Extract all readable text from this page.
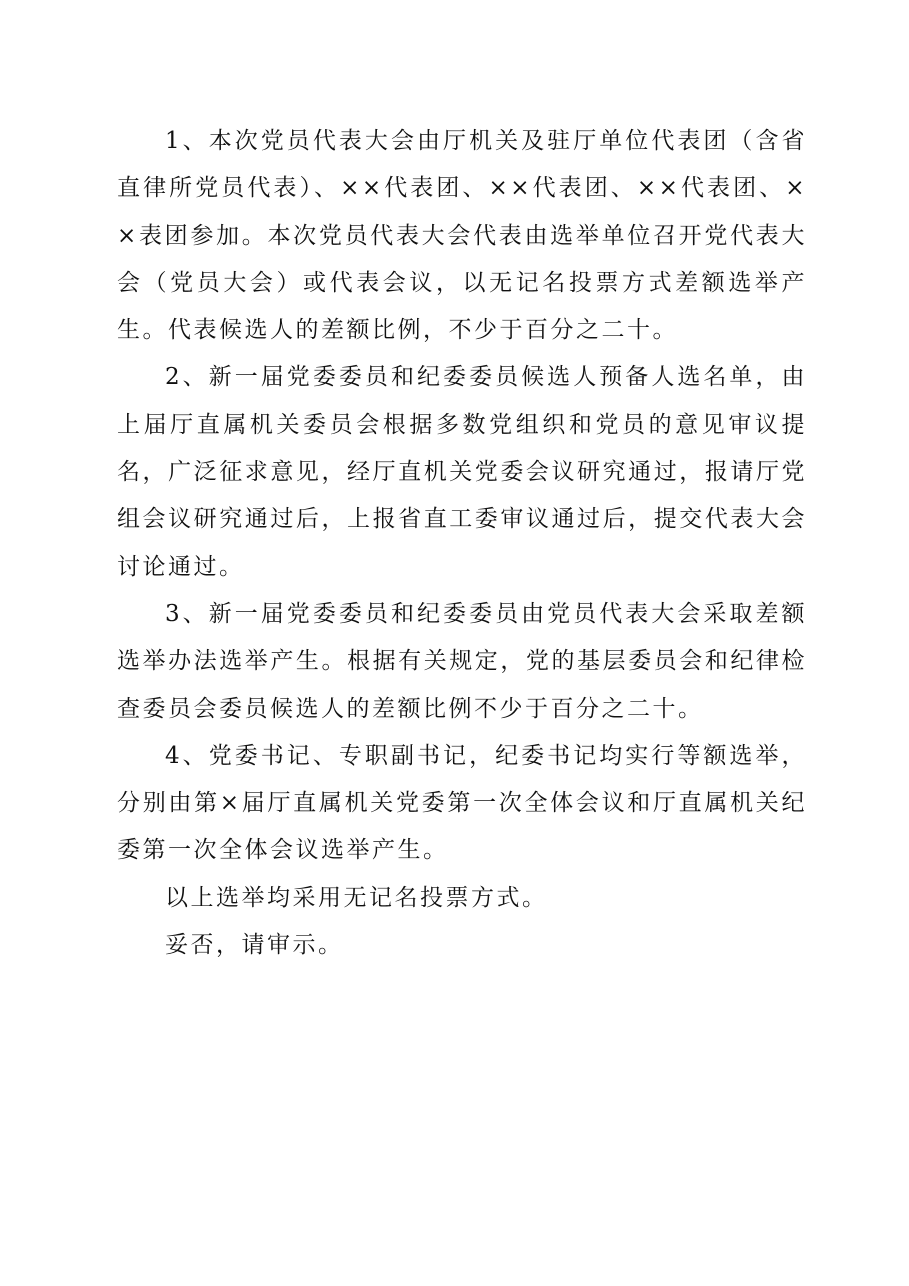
1、本次党员代表大会由厅机关及驻厅单位代表团（含省直律所党员代表）、××代表团、××代表团、××代表团、××表团参加。本次党员代表大会代表由选举单位召开党代表大会（党员大会）或代表会议，以无记名投票方式差额选举产生。代表候选人的差额比例，不少于百分之二十。

2、新一届党委委员和纪委委员候选人预备人选名单，由上届厅直属机关委员会根据多数党组织和党员的意见审议提名，广泛征求意见，经厅直机关党委会议研究通过，报请厅党组会议研究通过后，上报省直工委审议通过后，提交代表大会讨论通过。

3、新一届党委委员和纪委委员由党员代表大会采取差额选举办法选举产生。根据有关规定，党的基层委员会和纪律检查委员会委员候选人的差额比例不少于百分之二十。

4、党委书记、专职副书记，纪委书记均实行等额选举，分别由第×届厅直属机关党委第一次全体会议和厅直属机关纪委第一次全体会议选举产生。

以上选举均采用无记名投票方式。

妥否，请审示。
